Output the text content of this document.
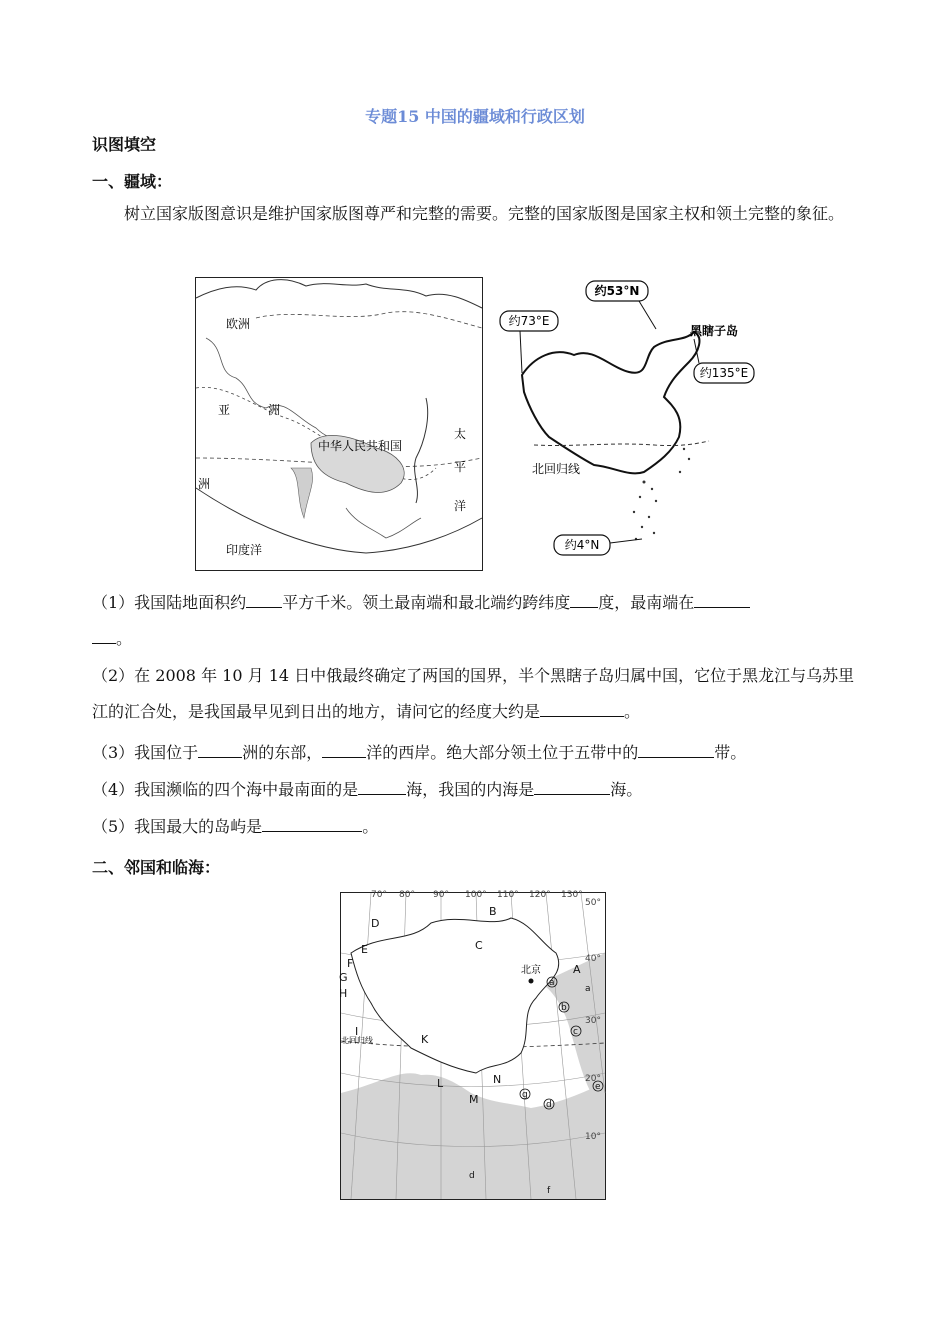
专题15 中国的疆域和行政区划
识图填空
一、疆域：
树立国家版图意识是维护国家版图尊严和完整的需要。完整的国家版图是国家主权和领土完整的象征。
欧洲
亚	洲
中华人民共和国
太
平
洋
印度洋
洲
约53°N
约73°E
黑瞎子岛
约135°E
北回归线
约4°N
（1）我国陆地面积约 平方千米。领土最南端和最北端约跨纬度 度，最南端在
。
（2）在 2008 年 10 月 14 日中俄最终确定了两国的国界，半个黑瞎子岛归属中国，它位于黑龙江与乌苏里江的汇合处，是我国最早见到日出的地方，请问它的经度大约是	。
（3）我国位于	洲的东部，	洋的西岸。绝大部分领土位于五带中的	带。
（4）我国濒临的四个海中最南面的是	海，我国的内海是	海。
（5）我国最大的岛屿是	。
二、邻国和临海：
北京
北回归线
70° 80° 90° 100° 110° 120° 130°
50°
40°
30°
20°
10°
A
B
C
D
E
F
G
H
I
K
L
M
N
a
b
c
d
e
g
a
d
f
